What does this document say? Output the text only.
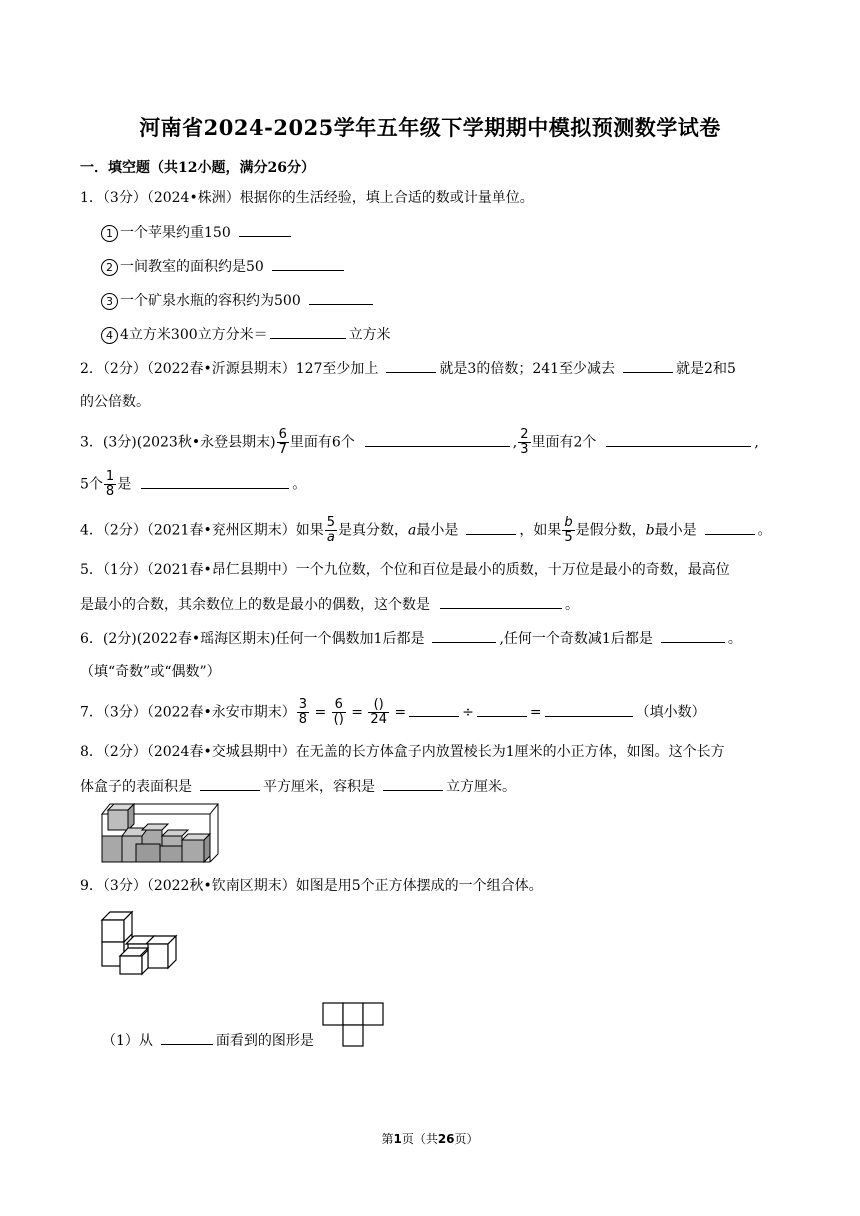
河南省2024-2025学年五年级下学期期中模拟预测数学试卷
一．填空题（共12小题，满分26分）
1．（3分）（2024•株洲）根据你的生活经验，填上合适的数或计量单位。
1 一个苹果约重150
2 一间教室的面积约是50
3 一个矿泉水瓶的容积约为500
4 4立方米300立方分米＝	立方米
2．（2分）（2022春•沂源县期末）127至少加上	就是3的倍数；241至少减去	就是2和5
的公倍数。
3．(3分)(2023秋•永登县期末) $\frac{6}{7}$ 里面有6个	, $\frac{2}{3}$ 里面有2个	,
5个 $\frac{1}{8}$ 是	。
4．（2分）（2021春•兖州区期末）如果 $\frac{5}{a}$ 是真分数，a最小是	，如果 $\frac{b}{5}$ 是假分数，b最小是	。
5．（1分）（2021春•昂仁县期中）一个九位数，个位和百位是最小的质数，十万位是最小的奇数，最高位
是最小的合数，其余数位上的数是最小的偶数，这个数是	。
6．(2分)(2022春•瑶海区期末)任何一个偶数加1后都是	,任何一个奇数减1后都是	。
（填“奇数”或“偶数”）
7．（3分）（2022春•永安市期末） $\frac{3}{8} = \frac{6}{()} = \frac{()}{24}$ =	÷	=	（填小数）
8．（2分）（2024春•交城县期中）在无盖的长方体盒子内放置棱长为1厘米的小正方体，如图。这个长方
体盒子的表面积是	平方厘米，容积是	立方厘米。
9．（3分）（2022秋•钦南区期末）如图是用5个正方体摆成的一个组合体。
（1）从	面看到的图形是
第1页（共26页）
